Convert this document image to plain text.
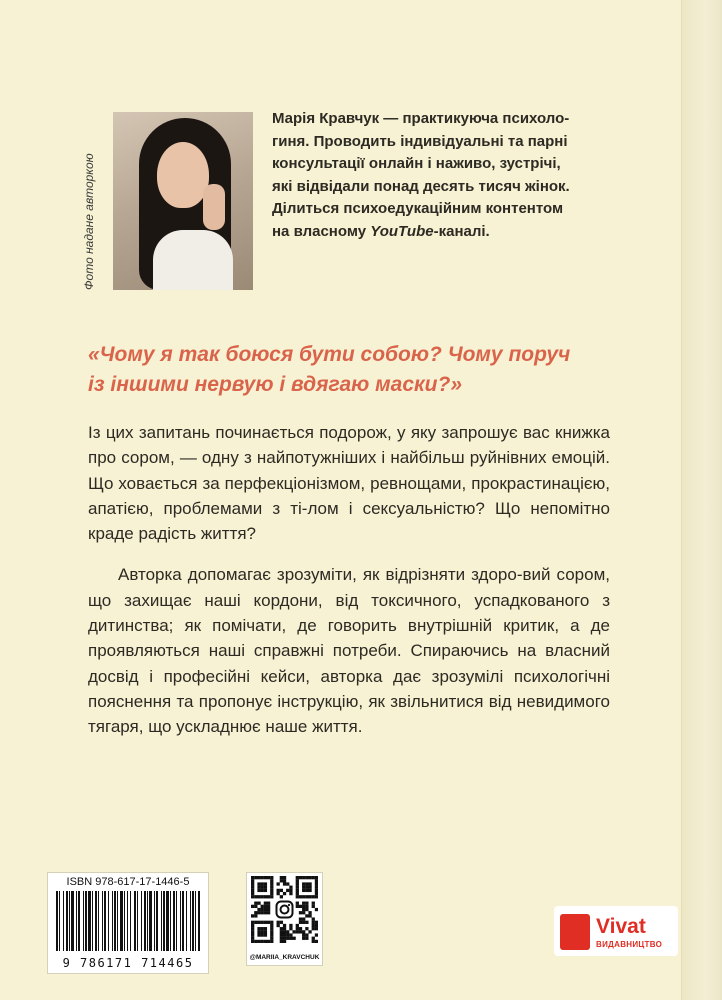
Фото надане авторкою

Марія Кравчук — практикуюча психоло-

гиня. Проводить індивідуальні та парні

консультації онлайн і наживо, зустрічі,

які відвідали понад десять тисяч жінок.

Ділиться психоедукаційним контентом

на власному YouTube-каналі.

«Чому я так боюся бути собою? Чому поруч
із іншими нервую і вдягаю маски?»

Із цих запитань починається подорож, у яку запрошує вас книжка про сором, — одну з найпотужніших і найбільш руйнівних емоцій. Що ховається за перфекціонізмом, ревнощами, прокрастинацією, апатією, проблемами з ті-лом і сексуальністю? Що непомітно краде радість життя?

Авторка допомагає зрозуміти, як відрізняти здоро-вий сором, що захищає наші кордони, від токсичного, успадкованого з дитинства; як помічати, де говорить внутрішній критик, а де проявляються наші справжні потреби. Спираючись на власний досвід і професійні кейси, авторка дає зрозумілі психологічні пояснення та пропонує інструкцію, як звільнитися від невидимого тягаря, що ускладнює наше життя.

ISBN 978-617-17-1446-5
9 786171 714465	@MARIIA_KRAVCHUK
Vivat
ВИДАВНИЦТВО
